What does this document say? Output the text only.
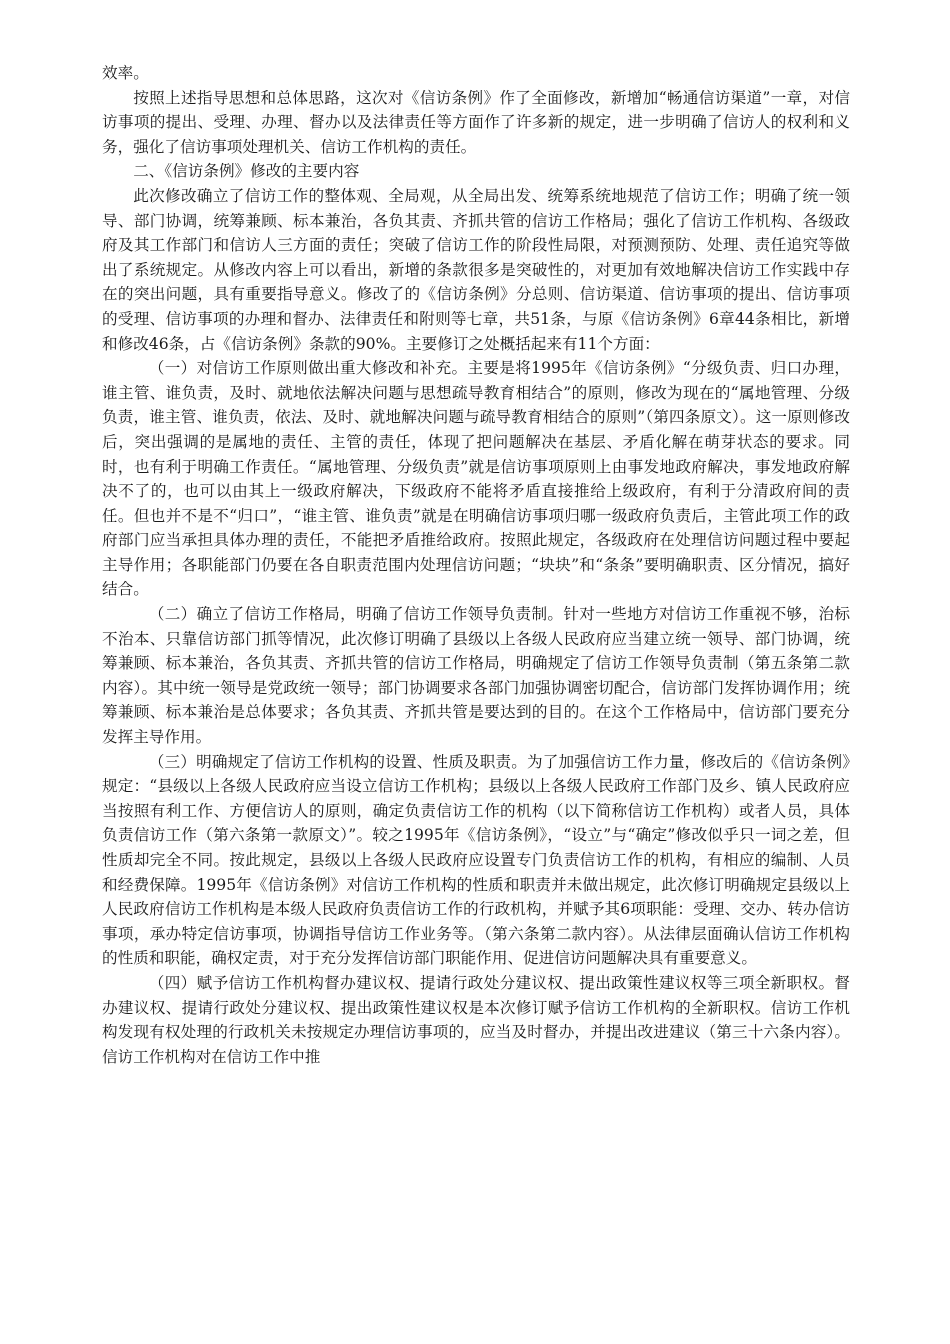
效率。

按照上述指导思想和总体思路，这次对《信访条例》作了全面修改，新增加“畅通信访渠道”一章，对信访事项的提出、受理、办理、督办以及法律责任等方面作了许多新的规定，进一步明确了信访人的权利和义务，强化了信访事项处理机关、信访工作机构的责任。

二、《信访条例》修改的主要内容

此次修改确立了信访工作的整体观、全局观，从全局出发、统筹系统地规范了信访工作；明确了统一领导、部门协调，统筹兼顾、标本兼治，各负其责、齐抓共管的信访工作格局；强化了信访工作机构、各级政府及其工作部门和信访人三方面的责任；突破了信访工作的阶段性局限，对预测预防、处理、责任追究等做出了系统规定。从修改内容上可以看出，新增的条款很多是突破性的，对更加有效地解决信访工作实践中存在的突出问题，具有重要指导意义。修改了的《信访条例》分总则、信访渠道、信访事项的提出、信访事项的受理、信访事项的办理和督办、法律责任和附则等七章，共51条，与原《信访条例》6章44条相比，新增和修改46条，占《信访条例》条款的90%。主要修订之处概括起来有11个方面：

（一）对信访工作原则做出重大修改和补充。主要是将1995年《信访条例》“分级负责、归口办理，谁主管、谁负责，及时、就地依法解决问题与思想疏导教育相结合”的原则，修改为现在的“属地管理、分级负责，谁主管、谁负责，依法、及时、就地解决问题与疏导教育相结合的原则”（第四条原文）。这一原则修改后，突出强调的是属地的责任、主管的责任，体现了把问题解决在基层、矛盾化解在萌芽状态的要求。同时，也有利于明确工作责任。“属地管理、分级负责”就是信访事项原则上由事发地政府解决，事发地政府解决不了的，也可以由其上一级政府解决，下级政府不能将矛盾直接推给上级政府，有利于分清政府间的责任。但也并不是不“归口”，“谁主管、谁负责”就是在明确信访事项归哪一级政府负责后，主管此项工作的政府部门应当承担具体办理的责任，不能把矛盾推给政府。按照此规定，各级政府在处理信访问题过程中要起主导作用；各职能部门仍要在各自职责范围内处理信访问题；“块块”和“条条”要明确职责、区分情况，搞好结合。

（二）确立了信访工作格局，明确了信访工作领导负责制。针对一些地方对信访工作重视不够，治标不治本、只靠信访部门抓等情况，此次修订明确了县级以上各级人民政府应当建立统一领导、部门协调，统筹兼顾、标本兼治，各负其责、齐抓共管的信访工作格局，明确规定了信访工作领导负责制（第五条第二款内容）。其中统一领导是党政统一领导；部门协调要求各部门加强协调密切配合，信访部门发挥协调作用；统筹兼顾、标本兼治是总体要求；各负其责、齐抓共管是要达到的目的。在这个工作格局中，信访部门要充分发挥主导作用。

（三）明确规定了信访工作机构的设置、性质及职责。为了加强信访工作力量，修改后的《信访条例》规定：“县级以上各级人民政府应当设立信访工作机构；县级以上各级人民政府工作部门及乡、镇人民政府应当按照有利工作、方便信访人的原则，确定负责信访工作的机构（以下简称信访工作机构）或者人员，具体负责信访工作（第六条第一款原文）”。较之1995年《信访条例》，“设立”与“确定”修改似乎只一词之差，但性质却完全不同。按此规定，县级以上各级人民政府应设置专门负责信访工作的机构，有相应的编制、人员和经费保障。1995年《信访条例》对信访工作机构的性质和职责并未做出规定，此次修订明确规定县级以上人民政府信访工作机构是本级人民政府负责信访工作的行政机构，并赋予其6项职能：受理、交办、转办信访事项，承办特定信访事项，协调指导信访工作业务等。（第六条第二款内容）。从法律层面确认信访工作机构的性质和职能，确权定责，对于充分发挥信访部门职能作用、促进信访问题解决具有重要意义。

（四）赋予信访工作机构督办建议权、提请行政处分建议权、提出政策性建议权等三项全新职权。督办建议权、提请行政处分建议权、提出政策性建议权是本次修订赋予信访工作机构的全新职权。信访工作机构发现有权处理的行政机关未按规定办理信访事项的，应当及时督办，并提出改进建议（第三十六条内容）。信访工作机构对在信访工作中推
